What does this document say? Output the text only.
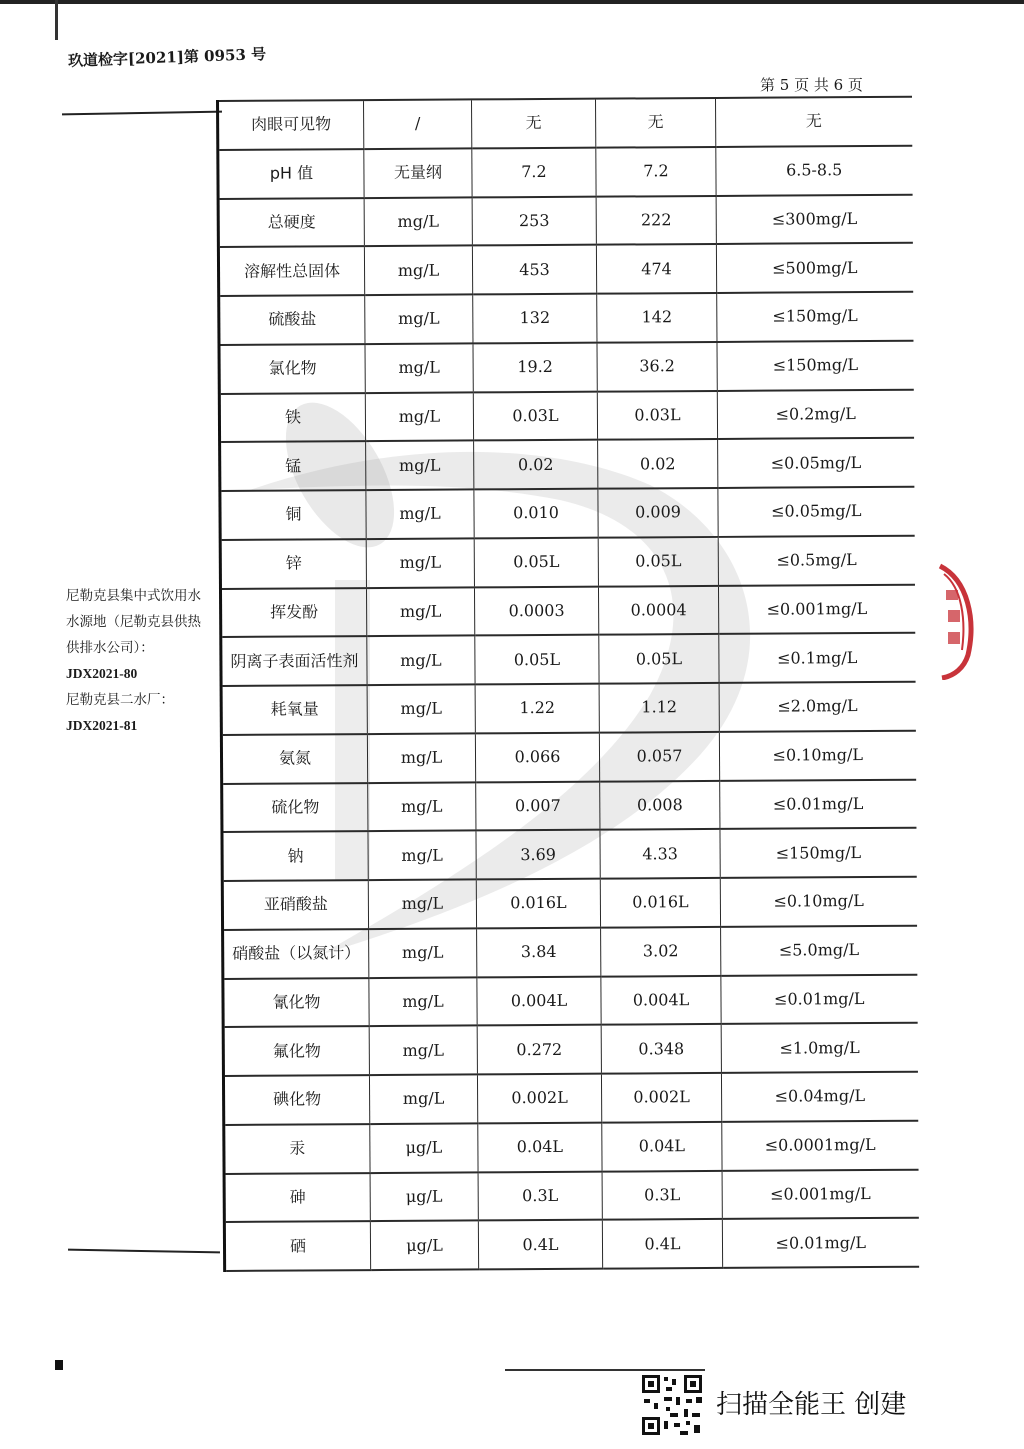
玖道检字[2021]第 0953 号
第 5 页 共 6 页
尼勒克县集中式饮用水
水源地（尼勒克县供热
供排水公司）：
JDX2021-80
尼勒克县二水厂：
JDX2021-81
肉眼可见物	/	无	无	无
pH 值	无量纲	7.2	7.2	6.5-8.5
总硬度	mg/L	253	222	≤300mg/L
溶解性总固体	mg/L	453	474	≤500mg/L
硫酸盐	mg/L	132	142	≤150mg/L
氯化物	mg/L	19.2	36.2	≤150mg/L
铁	mg/L	0.03L	0.03L	≤0.2mg/L
锰	mg/L	0.02	0.02	≤0.05mg/L
铜	mg/L	0.010	0.009	≤0.05mg/L
锌	mg/L	0.05L	0.05L	≤0.5mg/L
挥发酚	mg/L	0.0003	0.0004	≤0.001mg/L
阴离子表面活性剂	mg/L	0.05L	0.05L	≤0.1mg/L
耗氧量	mg/L	1.22	1.12	≤2.0mg/L
氨氮	mg/L	0.066	0.057	≤0.10mg/L
硫化物	mg/L	0.007	0.008	≤0.01mg/L
钠	mg/L	3.69	4.33	≤150mg/L
亚硝酸盐	mg/L	0.016L	0.016L	≤0.10mg/L
硝酸盐（以氮计）	mg/L	3.84	3.02	≤5.0mg/L
氰化物	mg/L	0.004L	0.004L	≤0.01mg/L
氟化物	mg/L	0.272	0.348	≤1.0mg/L
碘化物	mg/L	0.002L	0.002L	≤0.04mg/L
汞	μg/L	0.04L	0.04L	≤0.0001mg/L
砷	μg/L	0.3L	0.3L	≤0.001mg/L
硒	μg/L	0.4L	0.4L	≤0.01mg/L
扫描全能王 创建
